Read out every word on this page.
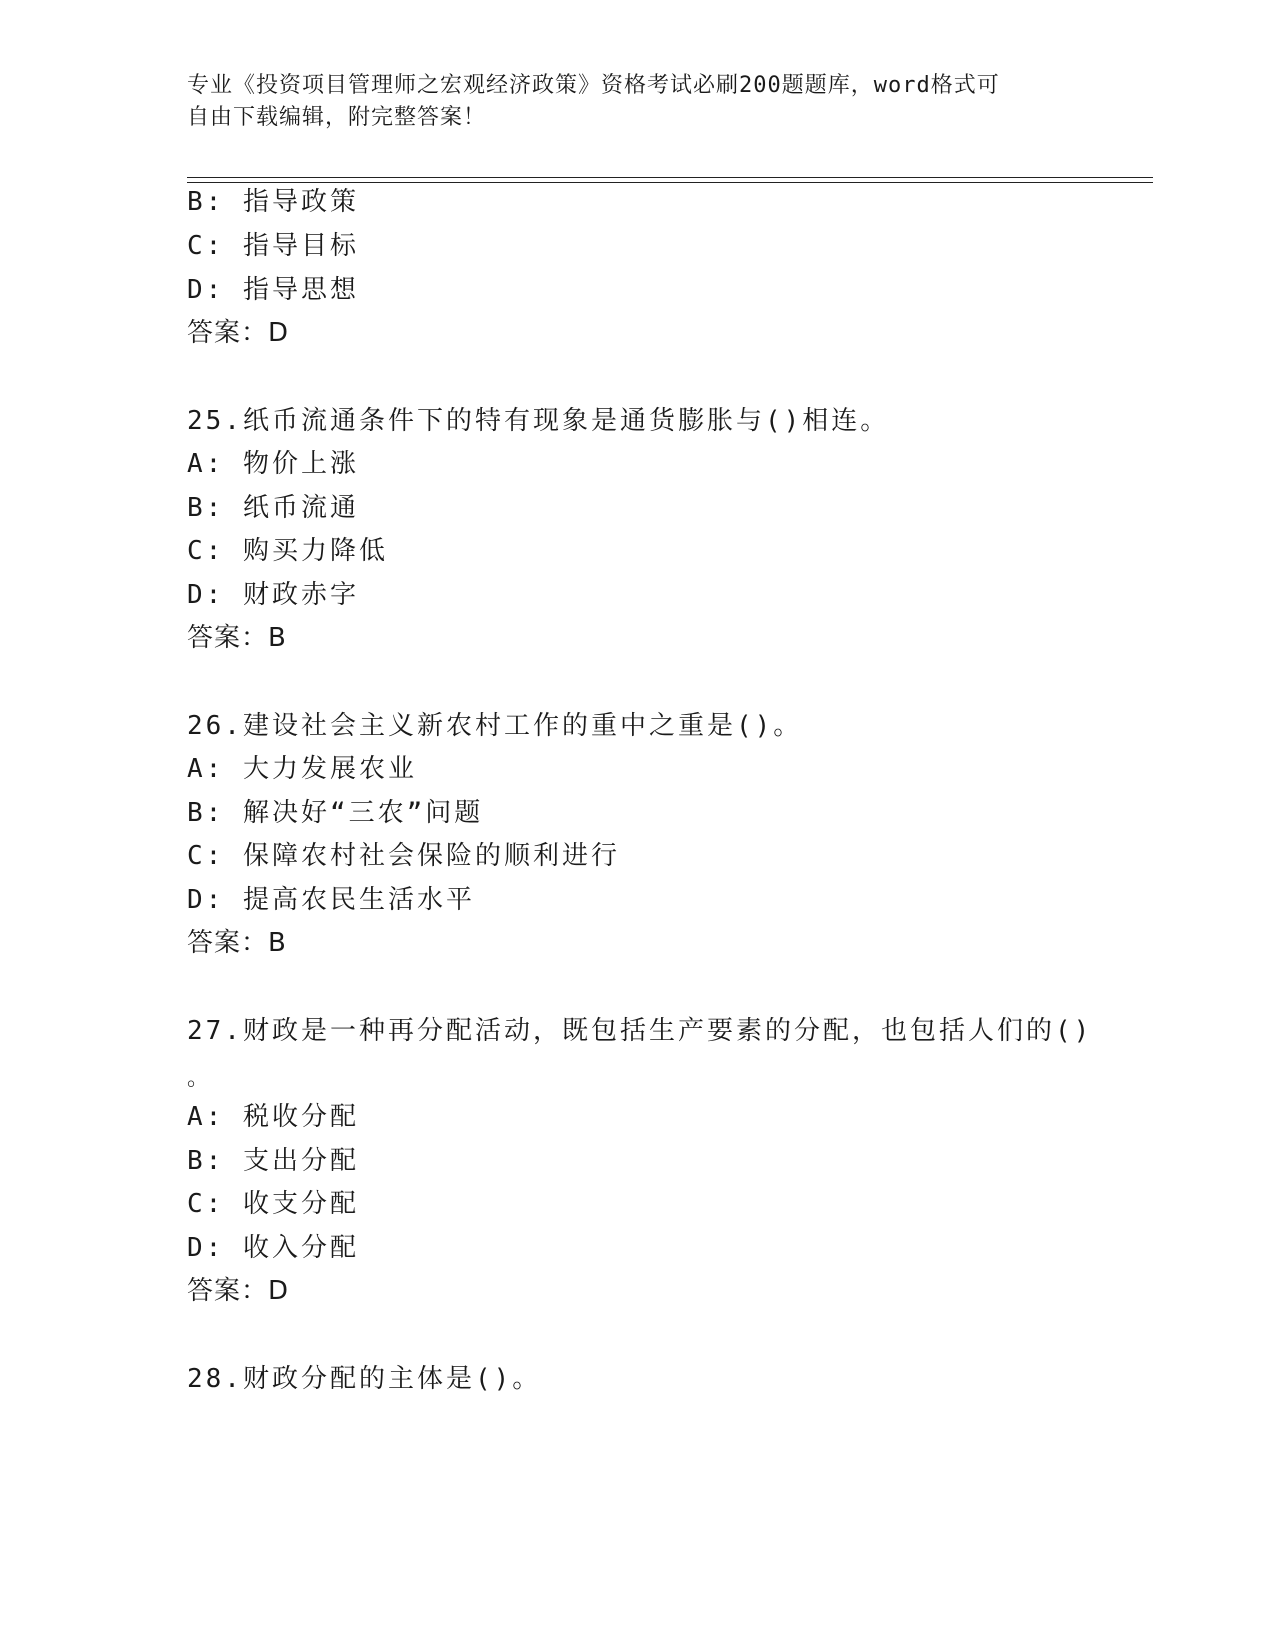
专业《投资项目管理师之宏观经济政策》资格考试必刷200题题库，word格式可
自由下载编辑，附完整答案！
B: 指导政策
C: 指导目标
D: 指导思想
答案：D
25.纸币流通条件下的特有现象是通货膨胀与()相连。
A: 物价上涨
B: 纸币流通
C: 购买力降低
D: 财政赤字
答案：B
26.建设社会主义新农村工作的重中之重是()。
A: 大力发展农业
B: 解决好“三农”问题
C: 保障农村社会保险的顺利进行
D: 提高农民生活水平
答案：B
27.财政是一种再分配活动，既包括生产要素的分配，也包括人们的()
。
A: 税收分配
B: 支出分配
C: 收支分配
D: 收入分配
答案：D
28.财政分配的主体是()。
